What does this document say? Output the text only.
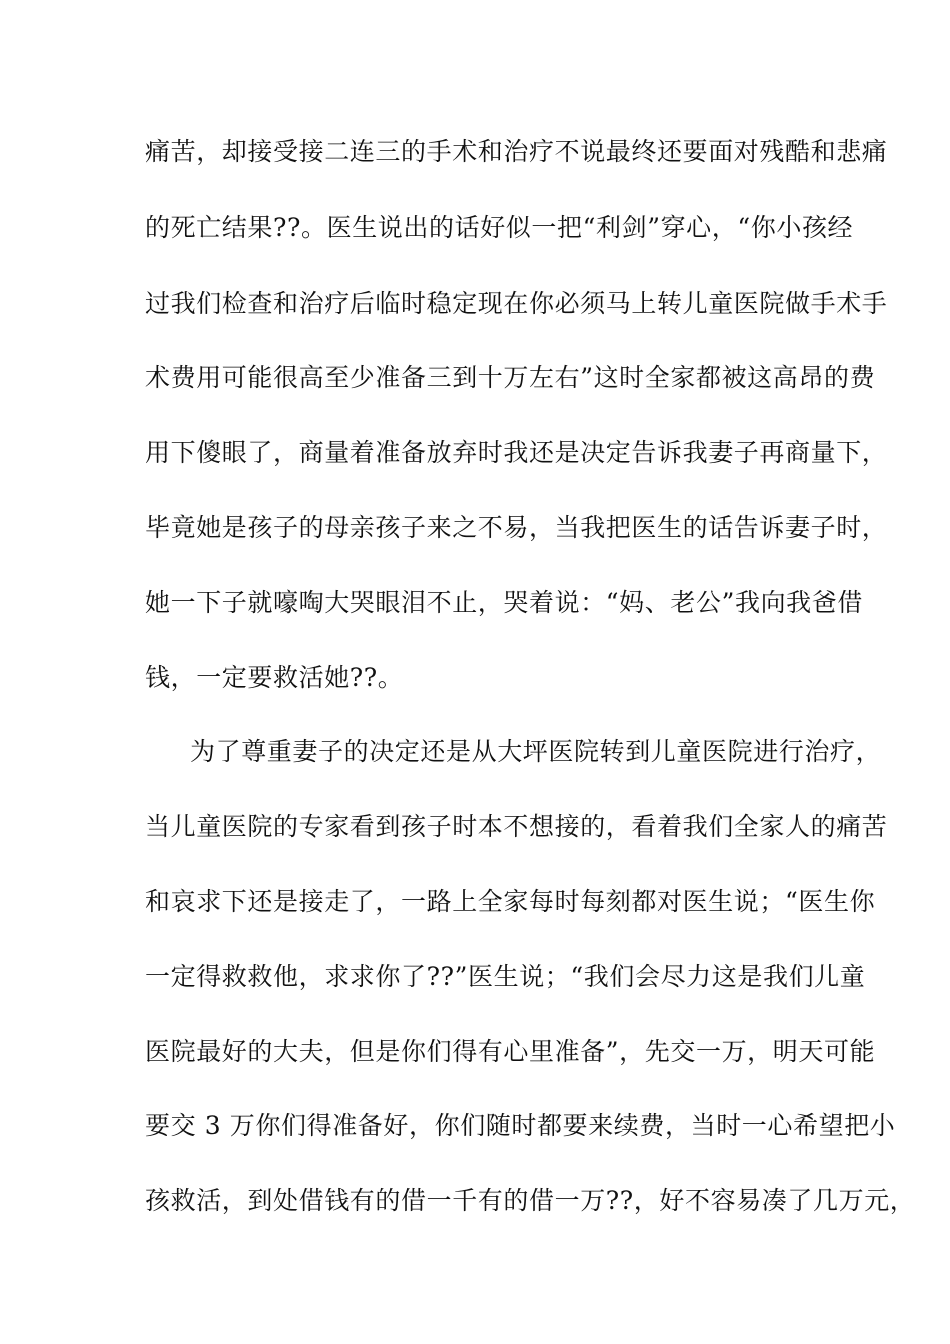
痛苦，却接受接二连三的手术和治疗不说最终还要面对残酷和悲痛
的死亡结果??。医生说出的话好似一把“利剑”穿心，“你小孩经
过我们检查和治疗后临时稳定现在你必须马上转儿童医院做手术手
术费用可能很高至少准备三到十万左右”这时全家都被这高昂的费
用下傻眼了，商量着准备放弃时我还是决定告诉我妻子再商量下，
毕竟她是孩子的母亲孩子来之不易，当我把医生的话告诉妻子时，
她一下子就嚎啕大哭眼泪不止，哭着说：“妈、老公”我向我爸借
钱，一定要救活她??。
为了尊重妻子的决定还是从大坪医院转到儿童医院进行治疗，
当儿童医院的专家看到孩子时本不想接的，看着我们全家人的痛苦
和哀求下还是接走了，一路上全家每时每刻都对医生说；“医生你
一定得救救他，求求你了??”医生说；“我们会尽力这是我们儿童
医院最好的大夫，但是你们得有心里准备”，先交一万，明天可能
要交 3 万你们得准备好，你们随时都要来续费，当时一心希望把小
孩救活，到处借钱有的借一千有的借一万??，好不容易凑了几万元，
